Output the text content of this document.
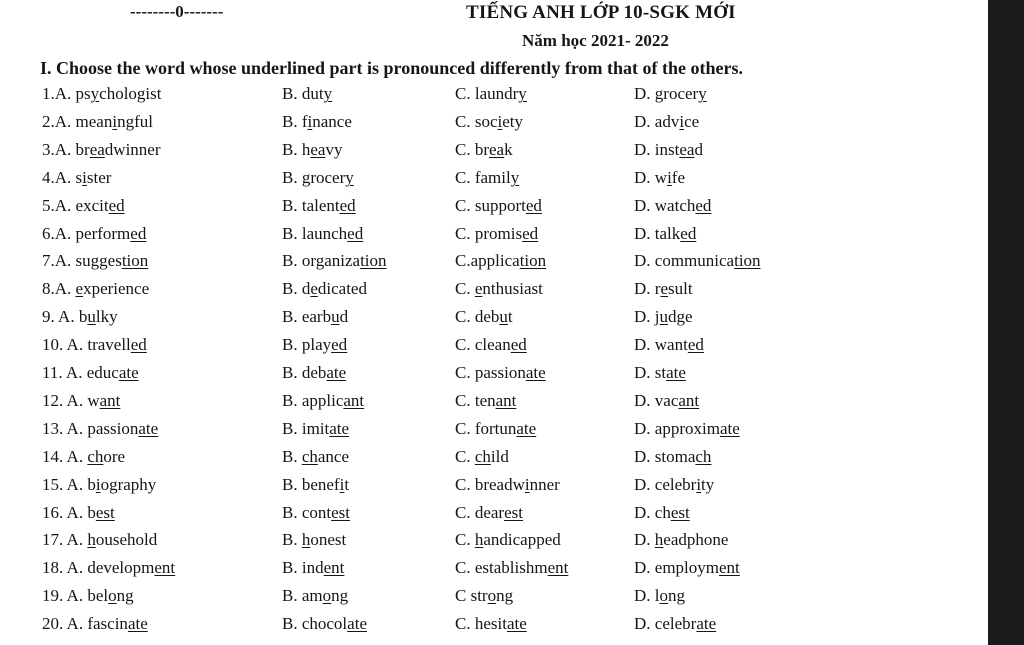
--------0-------	TIẾNG ANH LỚP 10-SGK MỚI
Năm học 2021- 2022
I. Choose the word whose underlined part is pronounced differently from that of the others.
1.A. psychologist	B. duty	C. laundry	D. grocery
2.A. meaningful	B. finance	C. society	D. advice
3.A. breadwinner	B. heavy	C. break	D. instead
4.A. sister	B. grocery	C. family	D. wife
5.A. excited	B. talented	C. supported	D. watched
6.A. performed	B. launched	C. promised	D. talked
7.A. suggestion	B. organization	C.application	D. communication
8.A. experience	B. dedicated	C. enthusiast	D. result
9. A. bulky	B. earbud	C. debut	D. judge
10. A. travelled	B. played	C. cleaned	D. wanted
11. A. educate	B. debate	C. passionate	D. state
12. A. want	B. applicant	C. tenant	D. vacant
13. A. passionate	B. imitate	C. fortunate	D. approximate
14. A. chore	B. chance	C. child	D. stomach
15. A. biography	B. benefit	C. breadwinner	D. celebrity
16. A. best	B. contest	C. dearest	D. chest
17. A. household	B. honest	C. handicapped	D. headphone
18. A. development	B. indent	C. establishment	D. employment
19. A. belong	B. among	C strong	D. long
20. A. fascinate	B. chocolate	C. hesitate	D. celebrate
